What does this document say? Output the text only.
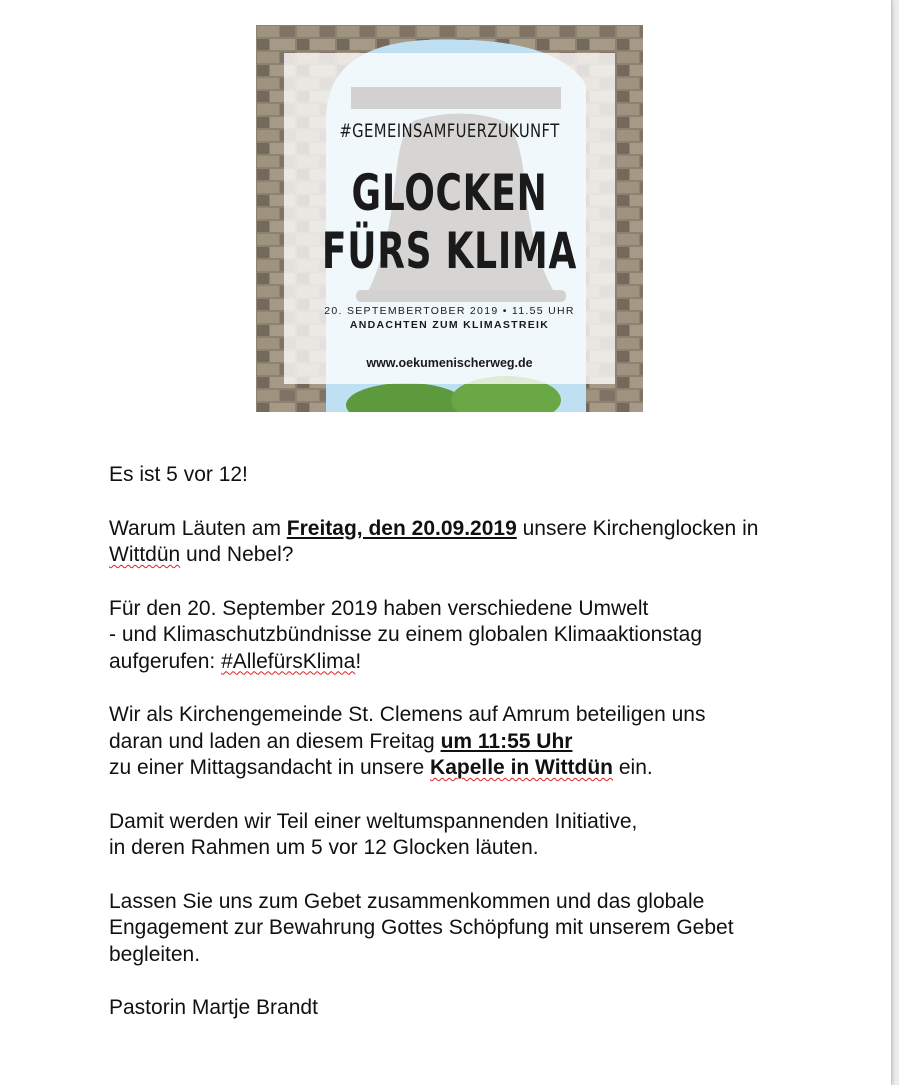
#GEMEINSAMFUERZUKUNFT
GLOCKEN
FÜRS KLIMA
20. SEPTEMBERTOBER 2019 • 11.55 UHR
ANDACHTEN ZUM KLIMASTREIK
www.oekumenischerweg.de

Es ist 5 vor 12!

Warum Läuten am Freitag, den 20.09.2019 unsere Kirchenglocken in
Wittdün und Nebel?

Für den 20. September 2019 haben verschiedene Umwelt
- und Klimaschutzbündnisse zu einem globalen Klimaaktionstag
aufgerufen: #AllefürsKlima!

Wir als Kirchengemeinde St. Clemens auf Amrum beteiligen uns
daran und laden an diesem Freitag um 11:55 Uhr
zu einer Mittagsandacht in unsere Kapelle in Wittdün ein.

Damit werden wir Teil einer weltumspannenden Initiative,
in deren Rahmen um 5 vor 12 Glocken läuten.

Lassen Sie uns zum Gebet zusammenkommen und das globale
Engagement zur Bewahrung Gottes Schöpfung mit unserem Gebet
begleiten.

Pastorin Martje Brandt
